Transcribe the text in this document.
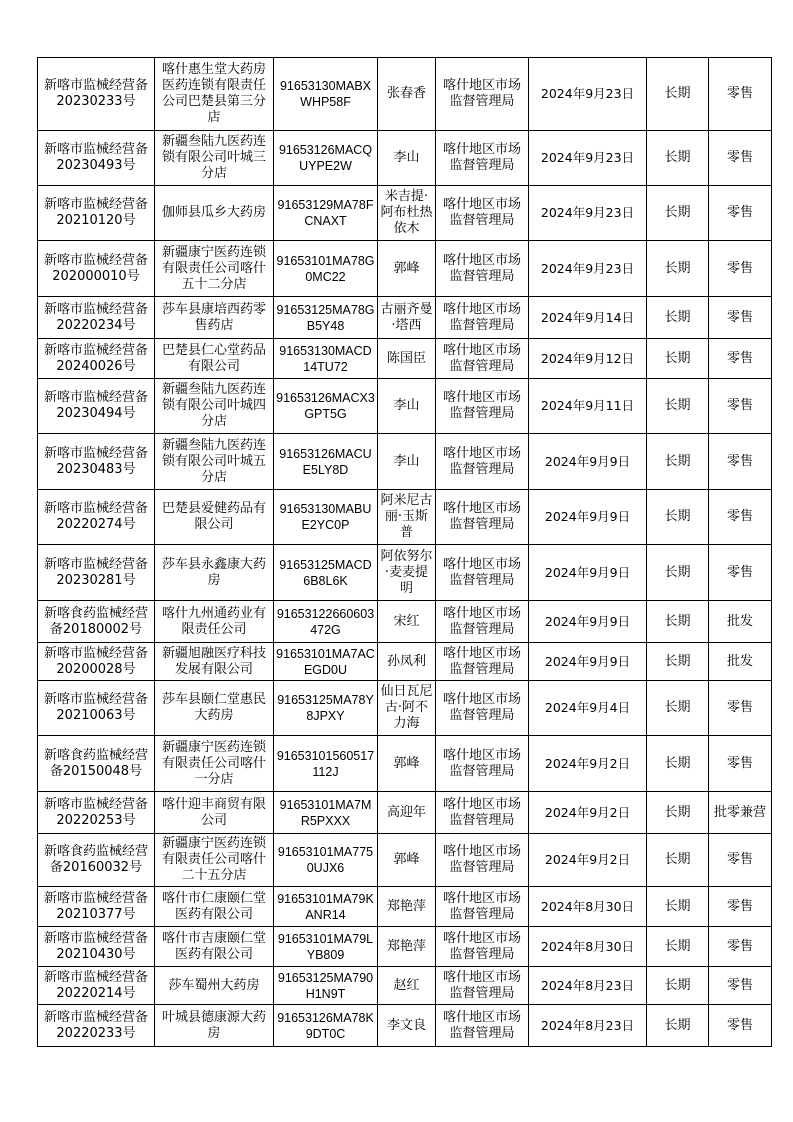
新喀市监械经营备20230233号	喀什惠生堂大药房医药连锁有限责任公司巴楚县第三分店	91653130MABXWHP58F	张春香	喀什地区市场监督管理局	2024年9月23日	长期	零售
新喀市监械经营备20230493号	新疆叁陆九医药连锁有限公司叶城三分店	91653126MACQUYPE2W	李山	喀什地区市场监督管理局	2024年9月23日	长期	零售
新喀市监械经营备20210120号	伽师县瓜乡大药房	91653129MA78FCNAXT	米吉提·阿布杜热依木	喀什地区市场监督管理局	2024年9月23日	长期	零售
新喀市监械经营备202000010号	新疆康宁医药连锁有限责任公司喀什五十二分店	91653101MA78G0MC22	郭峰	喀什地区市场监督管理局	2024年9月23日	长期	零售
新喀市监械经营备20220234号	莎车县康培西药零售药店	91653125MA78GB5Y48	古丽齐曼·塔西	喀什地区市场监督管理局	2024年9月14日	长期	零售
新喀市监械经营备20240026号	巴楚县仁心堂药品有限公司	91653130MACD14TU72	陈国臣	喀什地区市场监督管理局	2024年9月12日	长期	零售
新喀市监械经营备20230494号	新疆叁陆九医药连锁有限公司叶城四分店	91653126MACX3GPT5G	李山	喀什地区市场监督管理局	2024年9月11日	长期	零售
新喀市监械经营备20230483号	新疆叁陆九医药连锁有限公司叶城五分店	91653126MACUE5LY8D	李山	喀什地区市场监督管理局	2024年9月9日	长期	零售
新喀市监械经营备20220274号	巴楚县爱健药品有限公司	91653130MABUE2YC0P	阿米尼古丽·玉斯普	喀什地区市场监督管理局	2024年9月9日	长期	零售
新喀市监械经营备20230281号	莎车县永鑫康大药房	91653125MACD6B8L6K	阿依努尔·麦麦提明	喀什地区市场监督管理局	2024年9月9日	长期	零售
新喀食药监械经营备20180002号	喀什九州通药业有限责任公司	91653122660603472G	宋红	喀什地区市场监督管理局	2024年9月9日	长期	批发
新喀市监械经营备20200028号	新疆旭融医疗科技发展有限公司	91653101MA7ACEGD0U	孙凤利	喀什地区市场监督管理局	2024年9月9日	长期	批发
新喀市监械经营备20210063号	莎车县颐仁堂惠民大药房	91653125MA78Y8JPXY	仙日瓦尼古·阿不力海	喀什地区市场监督管理局	2024年9月4日	长期	零售
新喀食药监械经营备20150048号	新疆康宁医药连锁有限责任公司喀什一分店	91653101560517112J	郭峰	喀什地区市场监督管理局	2024年9月2日	长期	零售
新喀市监械经营备20220253号	喀什迎丰商贸有限公司	91653101MA7MR5PXXX	高迎年	喀什地区市场监督管理局	2024年9月2日	长期	批零兼营
新喀食药监械经营备20160032号	新疆康宁医药连锁有限责任公司喀什二十五分店	91653101MA7750UJX6	郭峰	喀什地区市场监督管理局	2024年9月2日	长期	零售
新喀市监械经营备20210377号	喀什市仁康颐仁堂医药有限公司	91653101MA79KANR14	郑艳萍	喀什地区市场监督管理局	2024年8月30日	长期	零售
新喀市监械经营备20210430号	喀什市吉康颐仁堂医药有限公司	91653101MA79LYB809	郑艳萍	喀什地区市场监督管理局	2024年8月30日	长期	零售
新喀市监械经营备20220214号	莎车蜀州大药房	91653125MA790H1N9T	赵红	喀什地区市场监督管理局	2024年8月23日	长期	零售
新喀市监械经营备20220233号	叶城县德康源大药房	91653126MA78K9DT0C	李文良	喀什地区市场监督管理局	2024年8月23日	长期	零售
